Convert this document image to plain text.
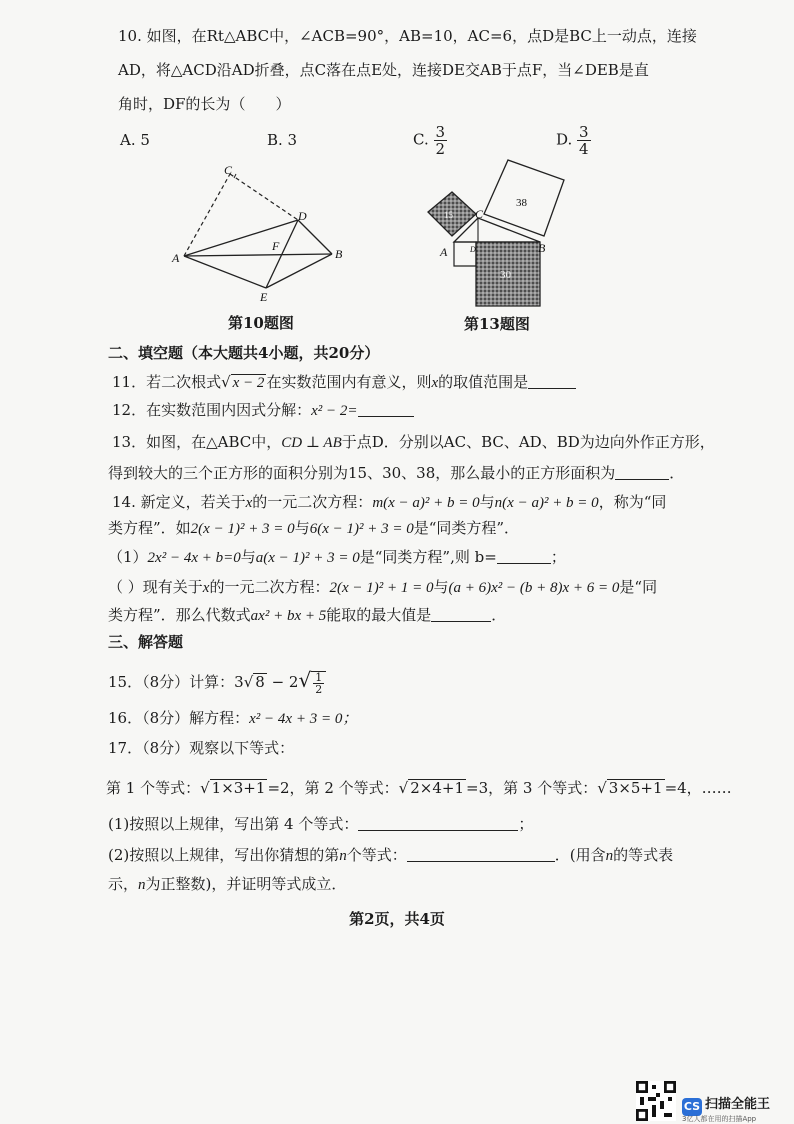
10. 如图，在Rt△ABC中，∠ACB=90°，AB=10，AC=6，点D是BC上一动点，连接
AD，将△ACD沿AD折叠，点C落在点E处，连接DE交AB于点F，当∠DEB是直
角时，DF的长为（　　）
A. 5	B. 3	C. $\frac{3}{2}$	D. $\frac{3}{4}$
C
D
A
F
B
E
第10题图
C
B
A	D
38
30
15
第13题图
二、填空题（本大题共4小题，共20分）
11．若二次根式√ x − 2 在实数范围内有意义，则x的取值范围是
12．在实数范围内因式分解：x² − 2=
13．如图，在△ABC中，CD ⊥ AB于点D．分别以AC、BC、AD、BD为边向外作正方形，
得到较大的三个正方形的面积分别为15、30、38，那么最小的正方形面积为	．
14. 新定义，若关于x的一元二次方程：m(x − a)² + b = 0与n(x − a)² + b = 0，称为“同
类方程”．如2(x − 1)² + 3 = 0与6(x − 1)² + 3 = 0是“同类方程”．
（1）2x² − 4x + b=0与a(x − 1)² + 3 = 0是“同类方程”,则 b=	；
（ ）现有关于x的一元二次方程：2(x − 1)² + 1 = 0与(a + 6)x² − (b + 8)x + 6 = 0是“同
类方程”．那么代数式ax² + bx + 5能取的最大值是	．
三、解答题
15．（8分）计算：3√ $8 - 2√ \frac{1}{2}$
16．（8分）解方程：x² − 4x + 3 = 0；
17．（8分）观察以下等式：
第 1 个等式：√ 1×3+1 =2，第 2 个等式：√ 2×4+1 =3，第 3 个等式：√ 3×5+1 =4，……
(1)按照以上规律，写出第 4 个等式：	；
(2)按照以上规律，写出你猜想的第n个等式：	．(用含n的等式表
示，n为正整数)，并证明等式成立．
第2页，共4页
CS 扫描全能王
3亿人都在用的扫描App
